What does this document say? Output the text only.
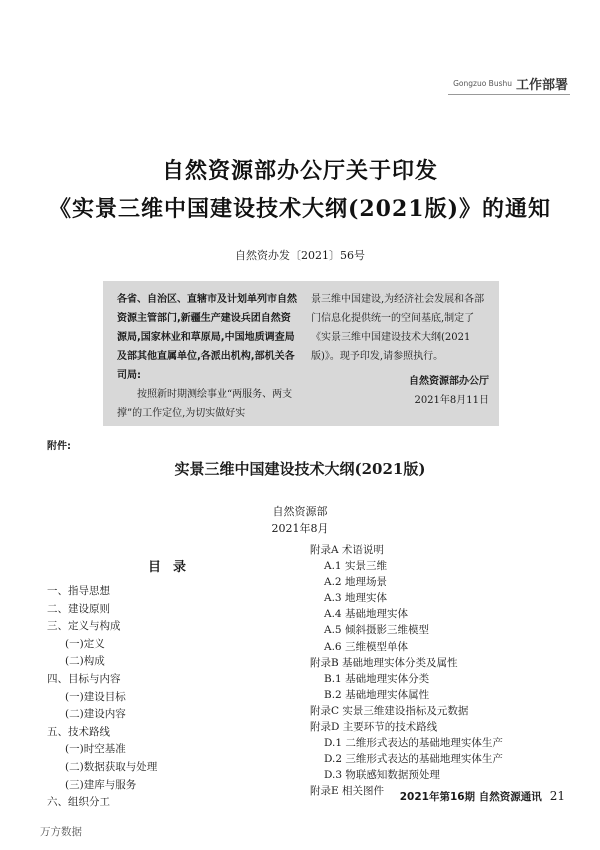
Gongzuo Bushu 工作部署
自然资源部办公厅关于印发
《实景三维中国建设技术大纲(2021版)》的通知
自然资办发〔2021〕56号
各省、自治区、直辖市及计划单列市自然资源主管部门,新疆生产建设兵团自然资源局,国家林业和草原局,中国地质调查局及部其他直属单位,各派出机构,部机关各司局:
按照新时期测绘事业“两服务、两支撑”的工作定位,为切实做好实
景三维中国建设,为经济社会发展和各部门信息化提供统一的空间基底,制定了《实景三维中国建设技术大纲(2021版)》。现予印发,请参照执行。
自然资源部办公厅
2021年8月11日
附件:
实景三维中国建设技术大纲(2021版)
自然资源部
2021年8月
目录
一、指导思想
二、建设原则
三、定义与构成
(一)定义
(二)构成
四、目标与内容
(一)建设目标
(二)建设内容
五、技术路线
(一)时空基准
(二)数据获取与处理
(三)建库与服务
六、组织分工
附录A 术语说明
A.1 实景三维
A.2 地理场景
A.3 地理实体
A.4 基础地理实体
A.5 倾斜摄影三维模型
A.6 三维模型单体
附录B 基础地理实体分类及属性
B.1 基础地理实体分类
B.2 基础地理实体属性
附录C 实景三维建设指标及元数据
附录D 主要环节的技术路线
D.1 二维形式表达的基础地理实体生产
D.2 三维形式表达的基础地理实体生产
D.3 物联感知数据预处理
附录E 相关图件	2021年第16期 自然资源通讯 21
万方数据
